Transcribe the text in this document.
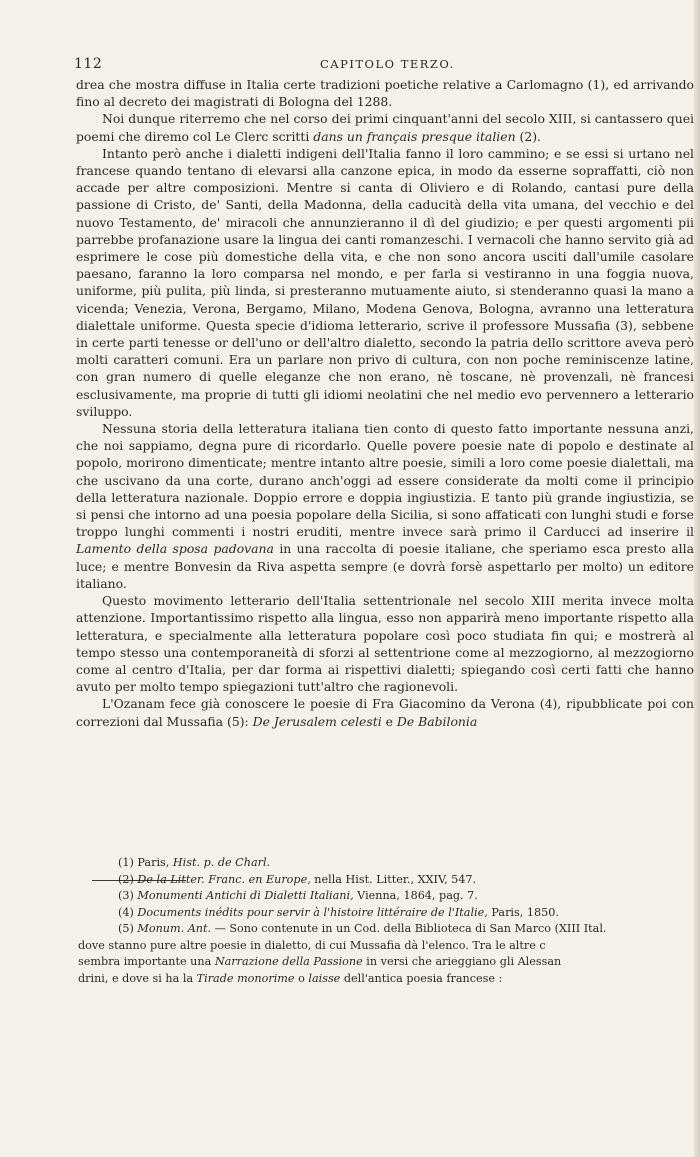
112	CAPITOLO TERZO.

drea che mostra diffuse in Italia certe tradizioni poetiche relative a Carlomagno (1), ed arrivando fino al decreto dei magistrati di Bologna del 1288.

Noi dunque riterremo che nel corso dei primi cinquant'anni del secolo XIII, si cantassero quei poemi che diremo col Le Clerc scritti dans un français presque italien (2).

Intanto però anche i dialetti indigeni dell'Italia fanno il loro cammino; e se essi si urtano nel francese quando tentano di elevarsi alla canzone epica, in modo da esserne sopraffatti, ciò non accade per altre composizioni. Mentre si canta di Oliviero e di Rolando, cantasi pure della passione di Cristo, de' Santi, della Madonna, della caducità della vita umana, del vecchio e del nuovo Testamento, de' miracoli che annunzieranno il dì del giudizio; e per questi argomenti pii parrebbe profanazione usare la lingua dei canti romanzeschi. I vernacoli che hanno servito già ad esprimere le cose più domestiche della vita, e che non sono ancora usciti dall'umile casolare paesano, faranno la loro comparsa nel mondo, e per farla si vestiranno in una foggia nuova, uniforme, più pulita, più linda, si presteranno mutuamente aiuto, si stenderanno quasi la mano a vicenda; Venezia, Verona, Bergamo, Milano, Modena Genova, Bologna, avranno una letteratura dialettale uniforme. Questa specie d'idioma letterario, scrive il professore Mussafia (3), sebbene in certe parti tenesse or dell'uno or dell'altro dialetto, secondo la patria dello scrittore aveva però molti caratteri comuni. Era un parlare non privo di cultura, con non poche reminiscenze latine, con gran numero di quelle eleganze che non erano, nè toscane, nè provenzali, nè francesi esclusivamente, ma proprie di tutti gli idiomi neolatini che nel medio evo pervennero a letterario sviluppo.

Nessuna storia della letteratura italiana tien conto di questo fatto importante nessuna anzi, che noi sappiamo, degna pure di ricordarlo. Quelle povere poesie nate di popolo e destinate al popolo, morirono dimenticate; mentre intanto altre poesie, simili a loro come poesie dialettali, ma che uscivano da una corte, durano anch'oggi ad essere considerate da molti come il principio della letteratura nazionale. Doppio errore e doppia ingiustizia. E tanto più grande ingiustizia, se si pensi che intorno ad una poesia popolare della Sicilia, si sono affaticati con lunghi studi e forse troppo lunghi commenti i nostri eruditi, mentre invece sarà primo il Carducci ad inserire il Lamento della sposa padovana in una raccolta di poesie italiane, che speriamo esca presto alla luce; e mentre Bonvesin da Riva aspetta sempre (e dovrà forsè aspettarlo per molto) un editore italiano.

Questo movimento letterario dell'Italia settentrionale nel secolo XIII merita invece molta attenzione. Importantissimo rispetto alla lingua, esso non apparirà meno importante rispetto alla letteratura, e specialmente alla letteratura popolare così poco studiata fin qui; e mostrerà al tempo stesso una contemporaneità di sforzi al settentrione come al mezzogiorno, al mezzogiorno come al centro d'Italia, per dar forma ai rispettivi dialetti; spiegando così certi fatti che hanno avuto per molto tempo spiegazioni tutt'altro che ragionevoli.

L'Ozanam fece già conoscere le poesie di Fra Giacomino da Verona (4), ripubblicate poi con correzioni dal Mussafia (5): De Jerusalem celesti e De Babilonia

(1) Paris, Hist. p. de Charl.

(2) De la Litter. Franc. en Europe, nella Hist. Litter., XXIV, 547.

(3) Monumenti Antichi di Dialetti Italiani, Vienna, 1864, pag. 7.

(4) Documents inédits pour servir à l'histoire littéraire de l'Italie, Paris, 1850.

(5) Monum. Ant. — Sono contenute in un Cod. della Biblioteca di San Marco (XIII Ital.

dove stanno pure altre poesie in dialetto, di cui Mussafia dà l'elenco. Tra le altre c

sembra importante una Narrazione della Passione in versi che arieggiano gli Alessan

drini, e dove si ha la Tirade monorime o laisse dell'antica poesia francese :
